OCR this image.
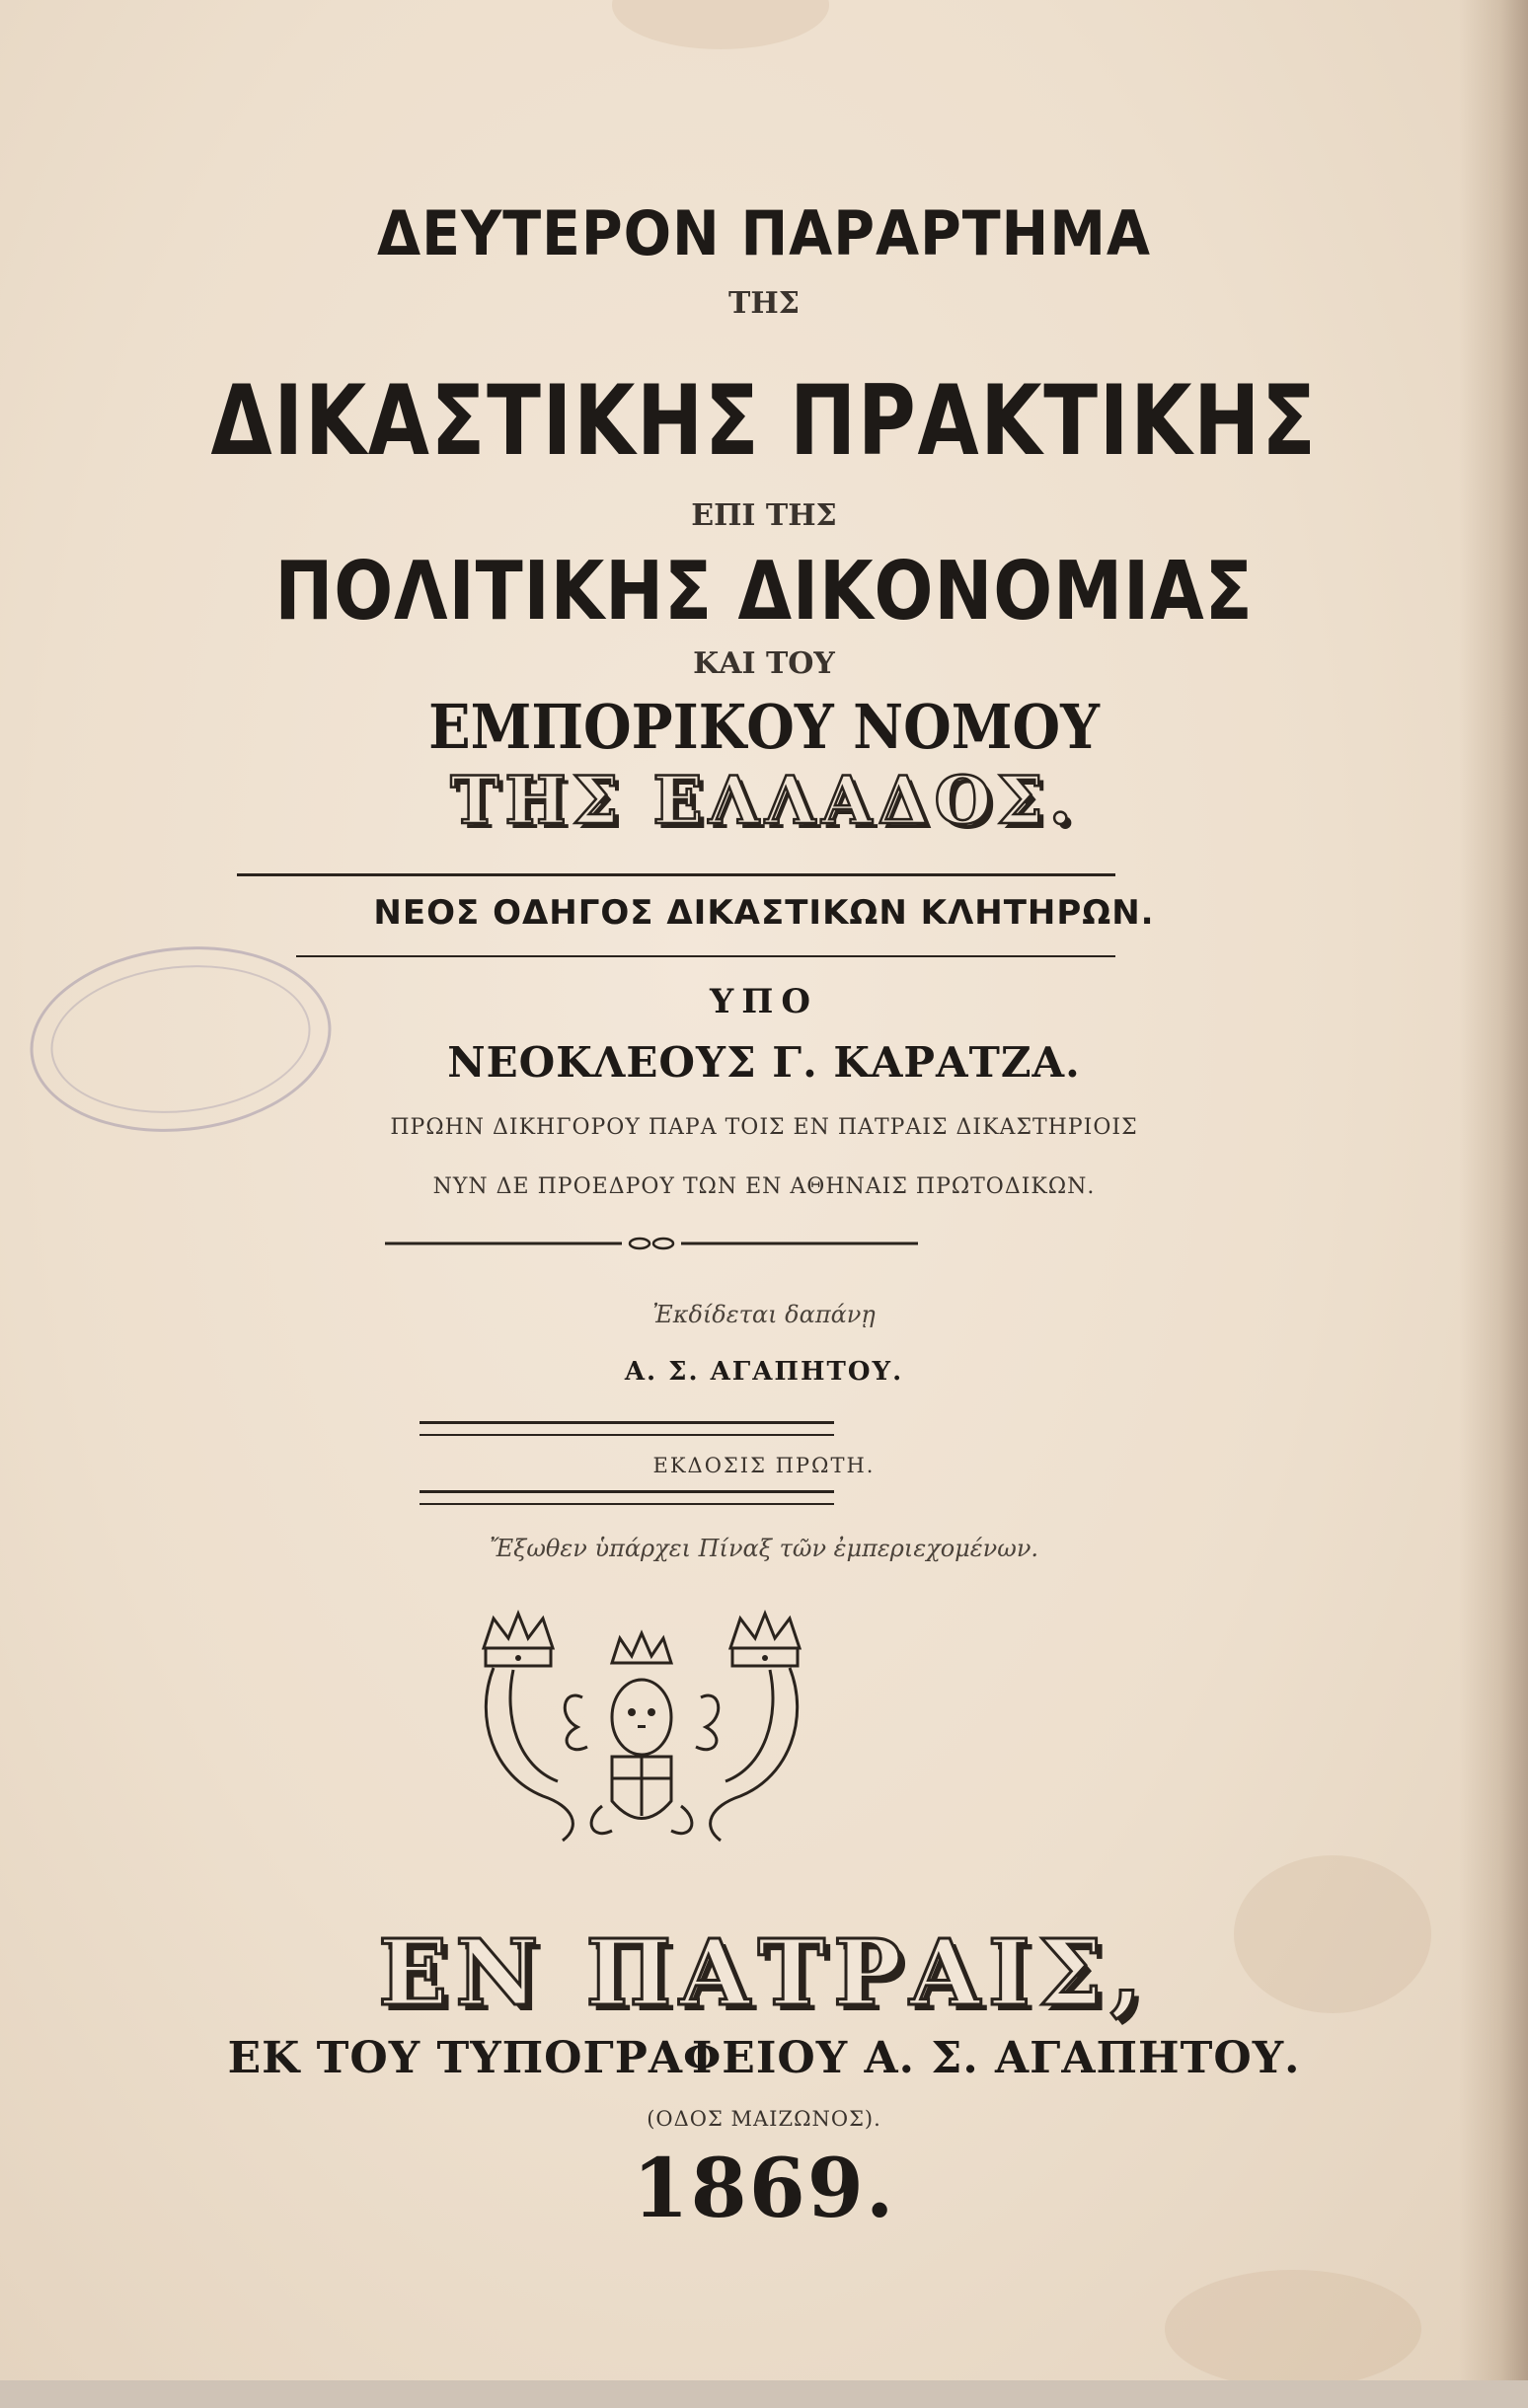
ΔΕΥΤΕΡΟΝ ΠΑΡΑΡΤΗΜΑ
ΤΗΣ
ΔΙΚΑΣΤΙΚΗΣ ΠΡΑΚΤΙΚΗΣ
ΕΠΙ ΤΗΣ
ΠΟΛΙΤΙΚΗΣ ΔΙΚΟΝΟΜΙΑΣ
ΚΑΙ ΤΟΥ
ΕΜΠΟΡΙΚΟΥ ΝΟΜΟΥ
ΤΗΣ ΕΛΛΑΔΟΣ.
ΝΕΟΣ ΟΔΗΓΟΣ ΔΙΚΑΣΤΙΚΩΝ ΚΛΗΤΗΡΩΝ.
ΥΠΟ
ΝΕΟΚΛΕΟΥΣ Γ. ΚΑΡΑΤΖΑ.
ΠΡΩΗΝ ΔΙΚΗΓΟΡΟΥ ΠΑΡΑ ΤΟΙΣ ΕΝ ΠΑΤΡΑΙΣ ΔΙΚΑΣΤΗΡΙΟΙΣ
ΝΥΝ ΔΕ ΠΡΟΕΔΡΟΥ ΤΩΝ ΕΝ ΑΘΗΝΑΙΣ ΠΡΩΤΟΔΙΚΩΝ.
Ἐκδίδεται δαπάνῃ
Α. Σ. ΑΓΑΠΗΤΟΥ.
ΕΚΔΟΣΙΣ ΠΡΩΤΗ.
Ἔξωθεν ὑπάρχει Πίναξ τῶν ἐμπεριεχομένων.
ΕΝ ΠΑΤΡΑΙΣ,
ΕΚ ΤΟΥ ΤΥΠΟΓΡΑΦΕΙΟΥ Α. Σ. ΑΓΑΠΗΤΟΥ.
(ΟΔΟΣ ΜΑΙΖΩΝΟΣ).
1869.
